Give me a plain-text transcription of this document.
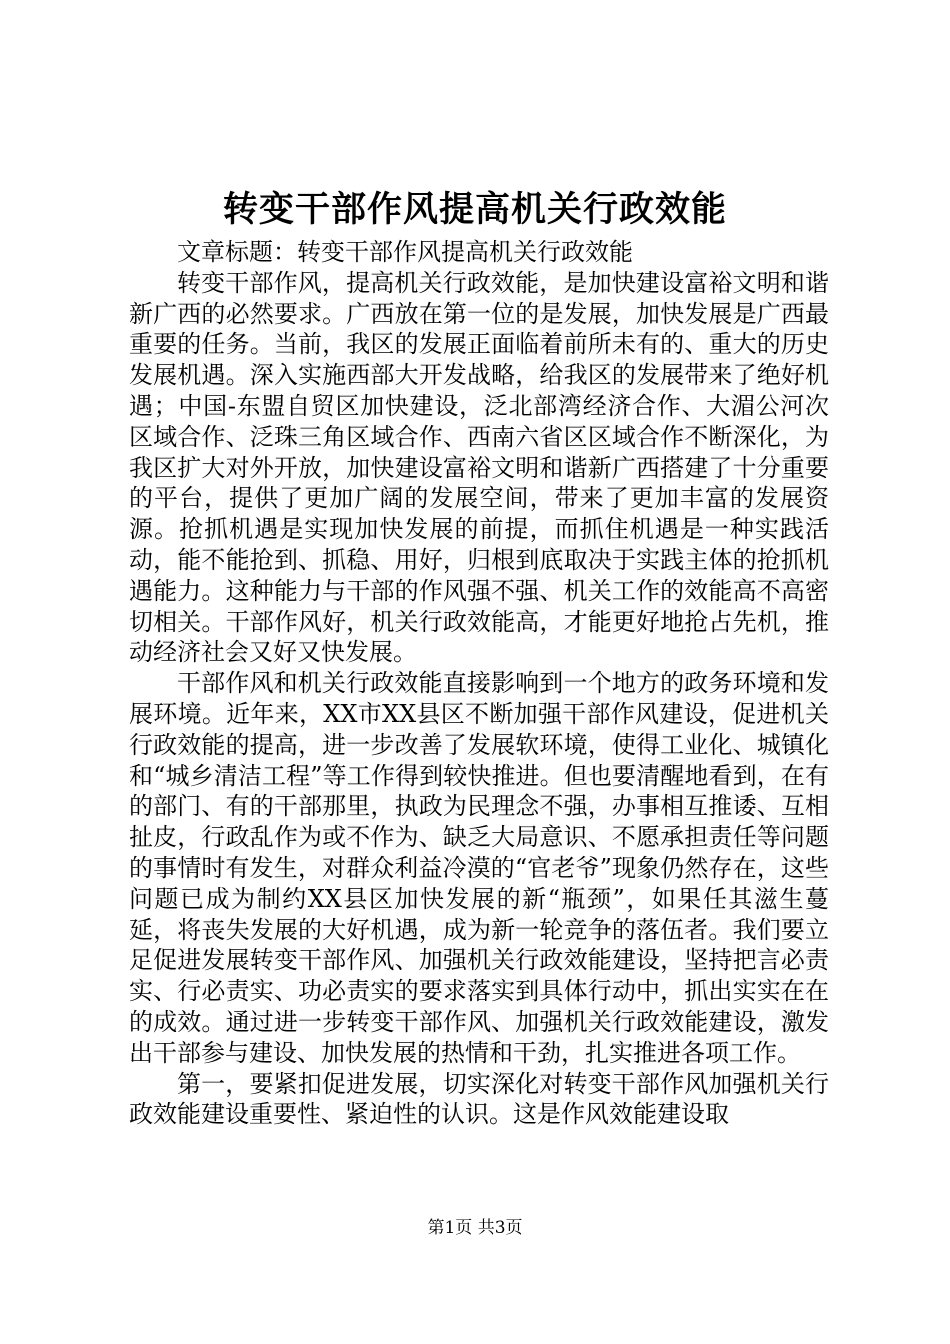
转变干部作风提高机关行政效能

文章标题：转变干部作风提高机关行政效能

转变干部作风，提高机关行政效能，是加快建设富裕文明和谐新广西的必然要求。广西放在第一位的是发展，加快发展是广西最重要的任务。当前，我区的发展正面临着前所未有的、重大的历史发展机遇。深入实施西部大开发战略，给我区的发展带来了绝好机遇；中国-东盟自贸区加快建设，泛北部湾经济合作、大湄公河次区域合作、泛珠三角区域合作、西南六省区区域合作不断深化，为我区扩大对外开放，加快建设富裕文明和谐新广西搭建了十分重要的平台，提供了更加广阔的发展空间，带来了更加丰富的发展资源。抢抓机遇是实现加快发展的前提，而抓住机遇是一种实践活动，能不能抢到、抓稳、用好，归根到底取决于实践主体的抢抓机遇能力。这种能力与干部的作风强不强、机关工作的效能高不高密切相关。干部作风好，机关行政效能高，才能更好地抢占先机，推动经济社会又好又快发展。

干部作风和机关行政效能直接影响到一个地方的政务环境和发展环境。近年来，XX市XX县区不断加强干部作风建设，促进机关行政效能的提高，进一步改善了发展软环境，使得工业化、城镇化和“城乡清洁工程”等工作得到较快推进。但也要清醒地看到，在有的部门、有的干部那里，执政为民理念不强，办事相互推诿、互相扯皮，行政乱作为或不作为、缺乏大局意识、不愿承担责任等问题的事情时有发生，对群众利益冷漠的“官老爷”现象仍然存在，这些问题已成为制约XX县区加快发展的新“瓶颈”，如果任其滋生蔓延，将丧失发展的大好机遇，成为新一轮竞争的落伍者。我们要立足促进发展转变干部作风、加强机关行政效能建设，坚持把言必责实、行必责实、功必责实的要求落实到具体行动中，抓出实实在在的成效。通过进一步转变干部作风、加强机关行政效能建设，激发出干部参与建设、加快发展的热情和干劲，扎实推进各项工作。

第一，要紧扣促进发展，切实深化对转变干部作风加强机关行政效能建设重要性、紧迫性的认识。这是作风效能建设取

第1页 共3页
